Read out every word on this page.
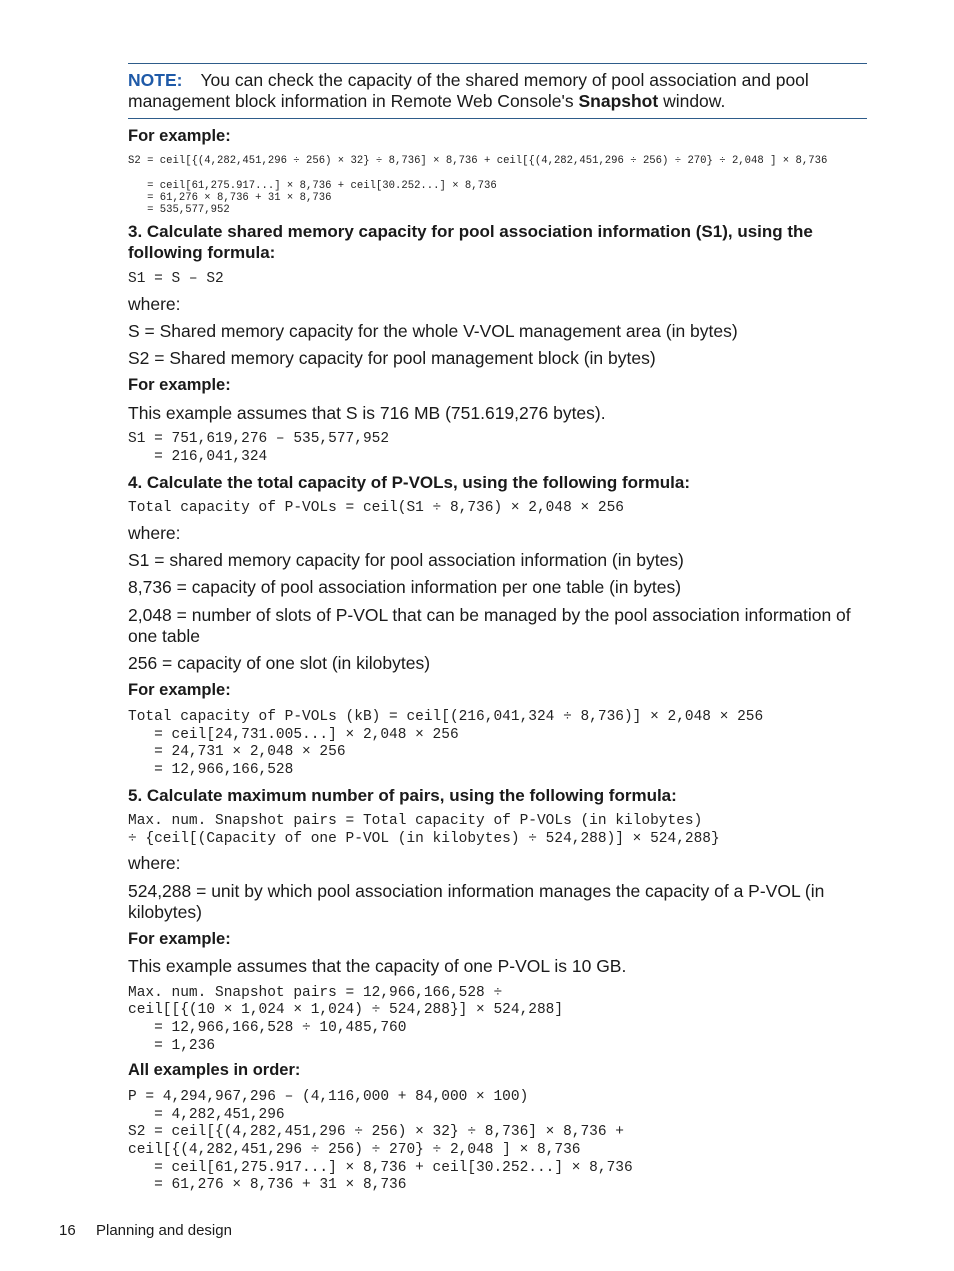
NOTE: You can check the capacity of the shared memory of pool association and pool management block information in Remote Web Console's Snapshot window.
For example:
S2 = ceil[{(4,282,451,296 ÷ 256) × 32} ÷ 8,736] × 8,736 + ceil[{(4,282,451,296 ÷ 256) ÷ 270} ÷ 2,048 ] × 8,736
= ceil[61,275.917...] × 8,736 + ceil[30.252...] × 8,736
= 61,276 × 8,736 + 31 × 8,736
= 535,577,952
3. Calculate shared memory capacity for pool association information (S1), using the following formula:
S1 = S – S2
where:
S = Shared memory capacity for the whole V-VOL management area (in bytes)
S2 = Shared memory capacity for pool management block (in bytes)
For example:
This example assumes that S is 716 MB (751.619,276 bytes).
S1 = 751,619,276 – 535,577,952
= 216,041,324
4. Calculate the total capacity of P-VOLs, using the following formula:
Total capacity of P-VOLs = ceil(S1 ÷ 8,736) × 2,048 × 256
where:
S1 = shared memory capacity for pool association information (in bytes)
8,736 = capacity of pool association information per one table (in bytes)
2,048 = number of slots of P-VOL that can be managed by the pool association information of one table
256 = capacity of one slot (in kilobytes)
For example:
Total capacity of P-VOLs (kB) = ceil[(216,041,324 ÷ 8,736)] × 2,048 × 256
= ceil[24,731.005...] × 2,048 × 256
= 24,731 × 2,048 × 256
= 12,966,166,528
5. Calculate maximum number of pairs, using the following formula:
Max. num. Snapshot pairs = Total capacity of P-VOLs (in kilobytes)
÷ {ceil[(Capacity of one P-VOL (in kilobytes) ÷ 524,288)] × 524,288}
where:
524,288 = unit by which pool association information manages the capacity of a P-VOL (in kilobytes)
For example:
This example assumes that the capacity of one P-VOL is 10 GB.
Max. num. Snapshot pairs = 12,966,166,528 ÷
ceil[[{(10 × 1,024 × 1,024) ÷ 524,288}] × 524,288]
= 12,966,166,528 ÷ 10,485,760
= 1,236
All examples in order:
P = 4,294,967,296 – (4,116,000 + 84,000 × 100)
= 4,282,451,296
S2 = ceil[{(4,282,451,296 ÷ 256) × 32} ÷ 8,736] × 8,736 +
ceil[{(4,282,451,296 ÷ 256) ÷ 270} ÷ 2,048 ] × 8,736
= ceil[61,275.917...] × 8,736 + ceil[30.252...] × 8,736
= 61,276 × 8,736 + 31 × 8,736
16 Planning and design
